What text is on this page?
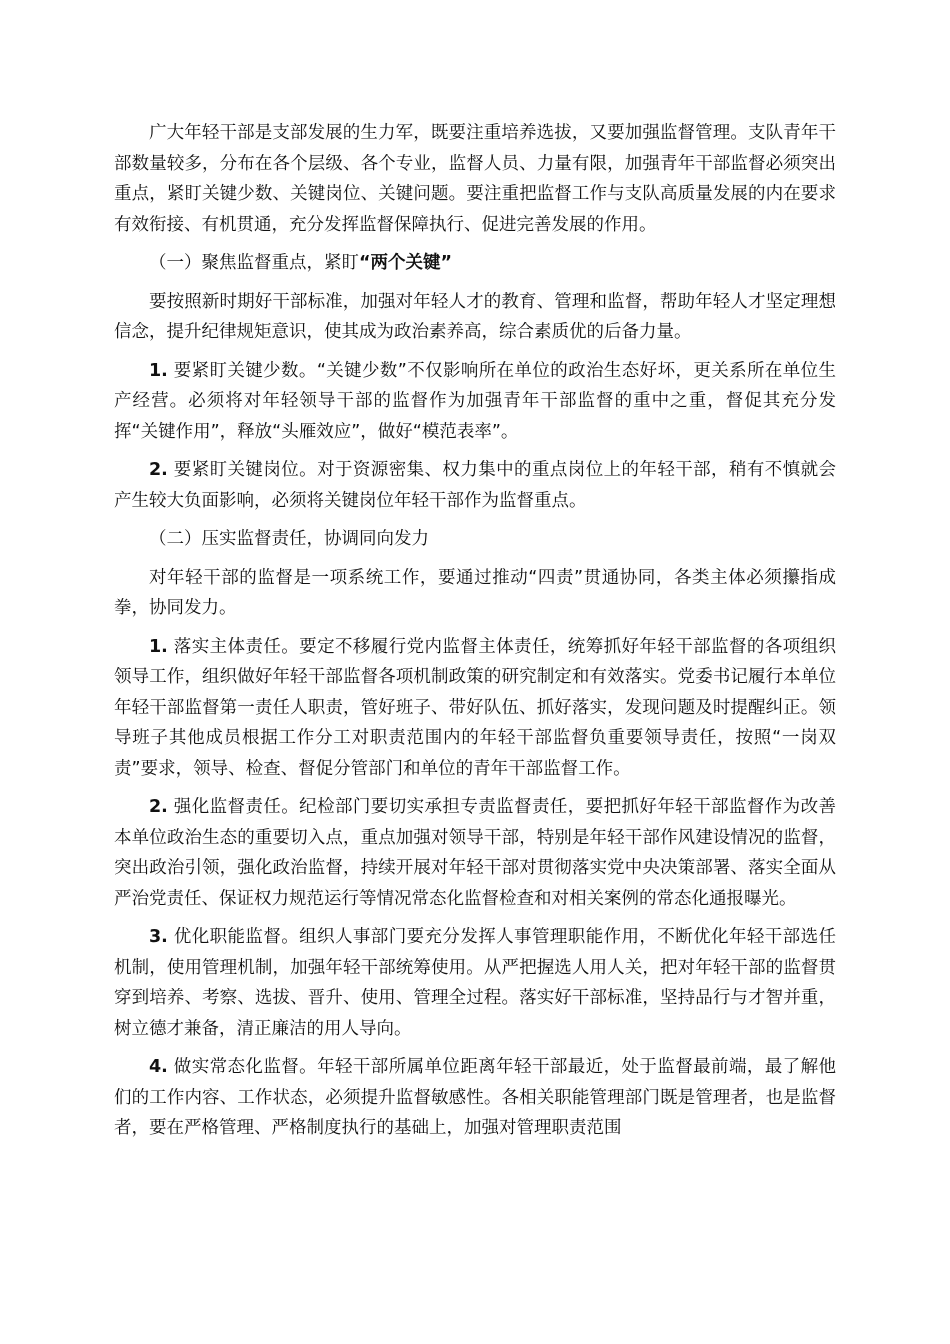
广大年轻干部是支部发展的生力军，既要注重培养选拔，又要加强监督管理。支队青年干部数量较多，分布在各个层级、各个专业，监督人员、力量有限，加强青年干部监督必须突出重点，紧盯关键少数、关键岗位、关键问题。要注重把监督工作与支队高质量发展的内在要求有效衔接、有机贯通，充分发挥监督保障执行、促进完善发展的作用。

（一）聚焦监督重点，紧盯“两个关键”

要按照新时期好干部标准，加强对年轻人才的教育、管理和监督，帮助年轻人才坚定理想信念，提升纪律规矩意识，使其成为政治素养高，综合素质优的后备力量。

1. 要紧盯关键少数。“关键少数”不仅影响所在单位的政治生态好坏，更关系所在单位生产经营。必须将对年轻领导干部的监督作为加强青年干部监督的重中之重，督促其充分发挥“关键作用”，释放“头雁效应”，做好“模范表率”。

2. 要紧盯关键岗位。对于资源密集、权力集中的重点岗位上的年轻干部，稍有不慎就会产生较大负面影响，必须将关键岗位年轻干部作为监督重点。

（二）压实监督责任，协调同向发力

对年轻干部的监督是一项系统工作，要通过推动“四责”贯通协同，各类主体必须攥指成拳，协同发力。

1. 落实主体责任。要定不移履行党内监督主体责任，统筹抓好年轻干部监督的各项组织领导工作，组织做好年轻干部监督各项机制政策的研究制定和有效落实。党委书记履行本单位年轻干部监督第一责任人职责，管好班子、带好队伍、抓好落实，发现问题及时提醒纠正。领导班子其他成员根据工作分工对职责范围内的年轻干部监督负重要领导责任，按照“一岗双责”要求，领导、检查、督促分管部门和单位的青年干部监督工作。

2. 强化监督责任。纪检部门要切实承担专责监督责任，要把抓好年轻干部监督作为改善本单位政治生态的重要切入点，重点加强对领导干部，特别是年轻干部作风建设情况的监督，突出政治引领，强化政治监督，持续开展对年轻干部对贯彻落实党中央决策部署、落实全面从严治党责任、保证权力规范运行等情况常态化监督检查和对相关案例的常态化通报曝光。

3. 优化职能监督。组织人事部门要充分发挥人事管理职能作用，不断优化年轻干部选任机制，使用管理机制，加强年轻干部统筹使用。从严把握选人用人关，把对年轻干部的监督贯穿到培养、考察、选拔、晋升、使用、管理全过程。落实好干部标准，坚持品行与才智并重，树立德才兼备，清正廉洁的用人导向。

4. 做实常态化监督。年轻干部所属单位距离年轻干部最近，处于监督最前端，最了解他们的工作内容、工作状态，必须提升监督敏感性。各相关职能管理部门既是管理者，也是监督者，要在严格管理、严格制度执行的基础上，加强对管理职责范围
